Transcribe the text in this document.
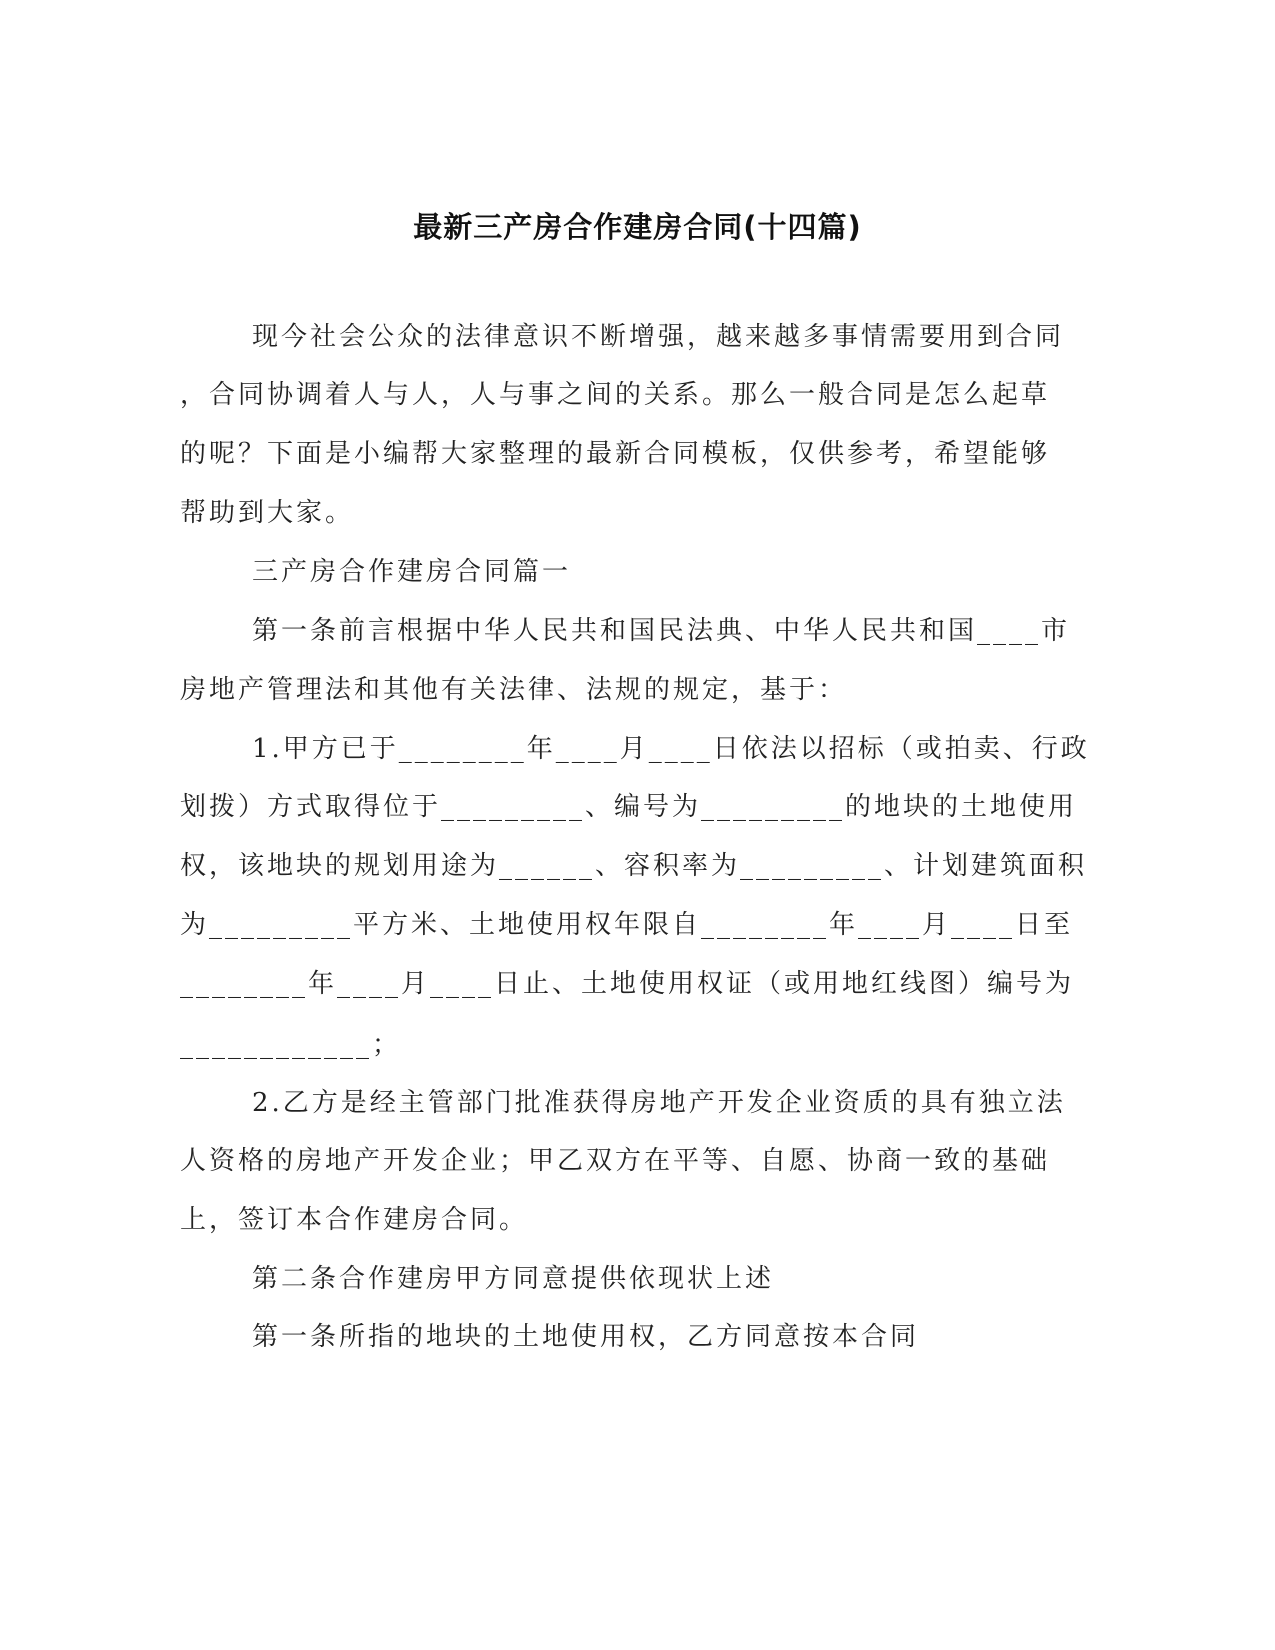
最新三产房合作建房合同(十四篇)
现今社会公众的法律意识不断增强，越来越多事情需要用到合同
，合同协调着人与人，人与事之间的关系。那么一般合同是怎么起草
的呢？下面是小编帮大家整理的最新合同模板，仅供参考，希望能够
帮助到大家。
三产房合作建房合同篇一
第一条前言根据中华人民共和国民法典、中华人民共和国____市
房地产管理法和其他有关法律、法规的规定，基于：
1.甲方已于________年____月____日依法以招标（或拍卖、行政
划拨）方式取得位于_________、编号为_________的地块的土地使用
权，该地块的规划用途为______、容积率为_________、计划建筑面积
为_________平方米、土地使用权年限自________年____月____日至
________年____月____日止、土地使用权证（或用地红线图）编号为
____________；
2.乙方是经主管部门批准获得房地产开发企业资质的具有独立法
人资格的房地产开发企业；甲乙双方在平等、自愿、协商一致的基础
上，签订本合作建房合同。
第二条合作建房甲方同意提供依现状上述
第一条所指的地块的土地使用权，乙方同意按本合同
